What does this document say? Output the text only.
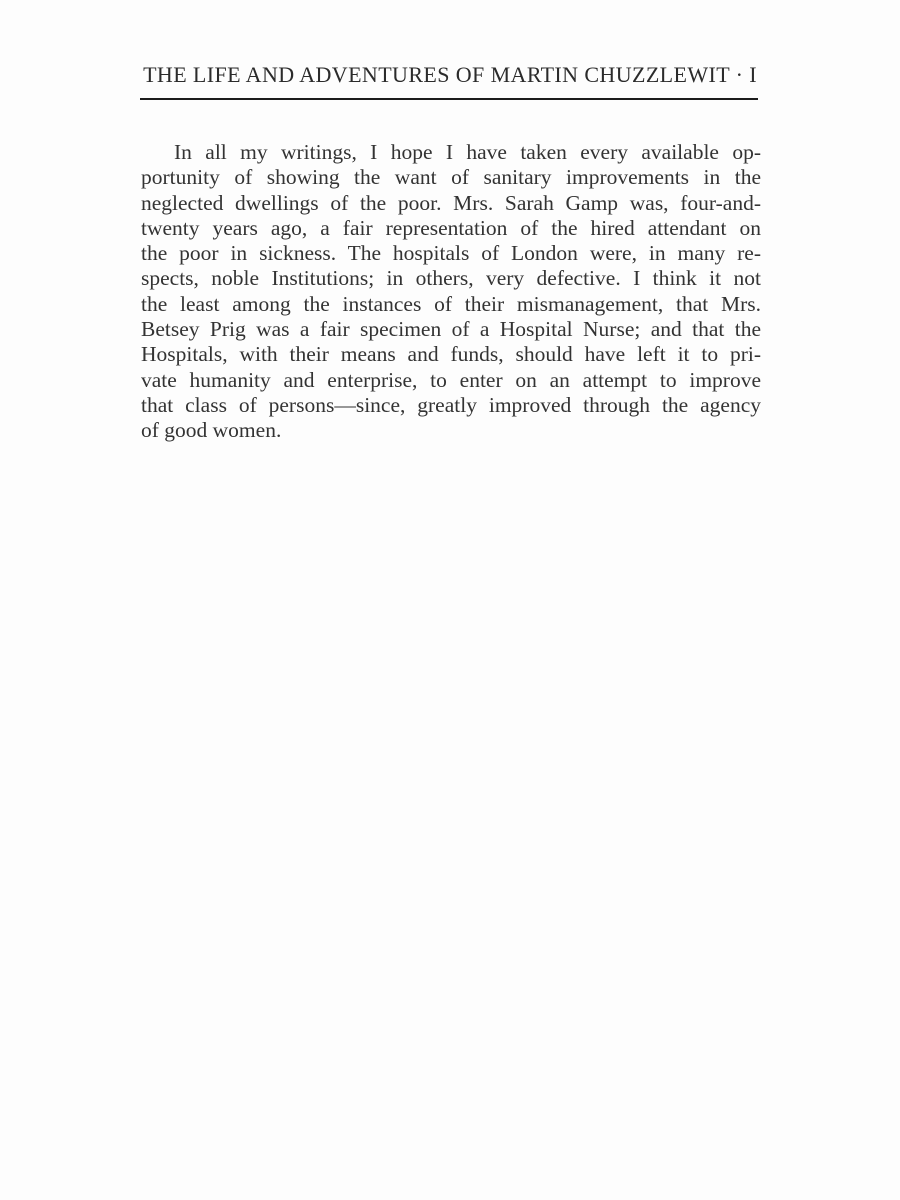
THE LIFE AND ADVENTURES OF MARTIN CHUZZLEWIT · I
In all my writings, I hope I have taken every available op-
portunity of showing the want of sanitary improvements in the
neglected dwellings of the poor. Mrs. Sarah Gamp was, four-and-
twenty years ago, a fair representation of the hired attendant on
the poor in sickness. The hospitals of London were, in many re-
spects, noble Institutions; in others, very defective. I think it not
the least among the instances of their mismanagement, that Mrs.
Betsey Prig was a fair specimen of a Hospital Nurse; and that the
Hospitals, with their means and funds, should have left it to pri-
vate humanity and enterprise, to enter on an attempt to improve
that class of persons—since, greatly improved through the agency
of good women.
